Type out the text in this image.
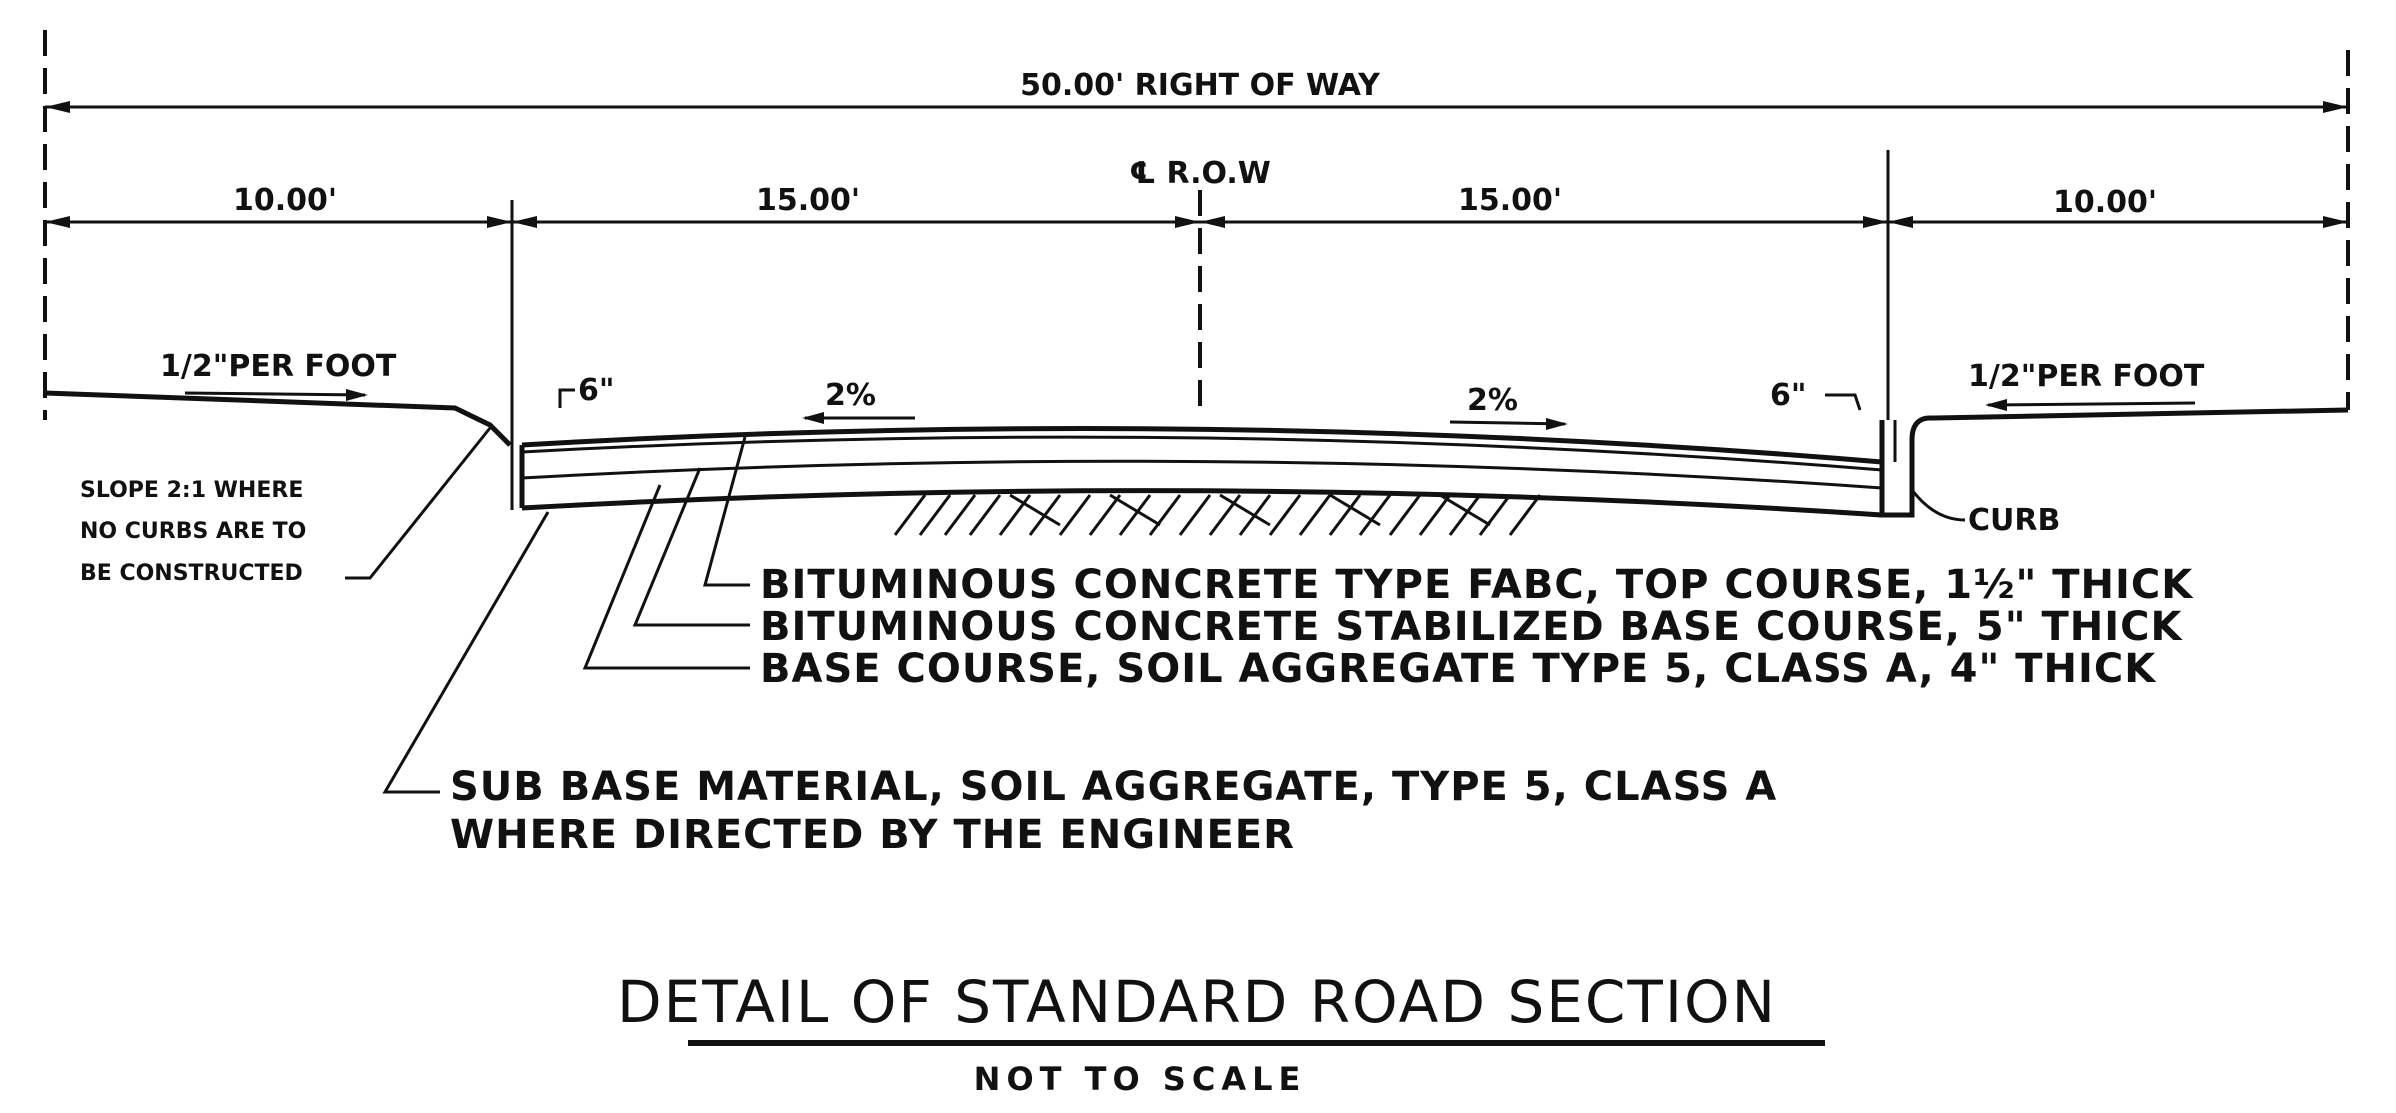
50.00' RIGHT OF WAY
10.00'	15.00'
℄ R.O.W
15.00'	10.00'
1/2"PER FOOT	1/2"PER FOOT
2%	2%
6"	6"
SLOPE 2:1 WHERE
NO CURBS ARE TO
BE CONSTRUCTED
CURB
BITUMINOUS CONCRETE TYPE FABC, TOP COURSE, 1½" THICK
BITUMINOUS CONCRETE STABILIZED BASE COURSE, 5" THICK
BASE COURSE, SOIL AGGREGATE TYPE 5, CLASS A, 4" THICK
SUB BASE MATERIAL, SOIL AGGREGATE, TYPE 5, CLASS A
WHERE DIRECTED BY THE ENGINEER
DETAIL OF STANDARD ROAD SECTION
NOT TO SCALE
